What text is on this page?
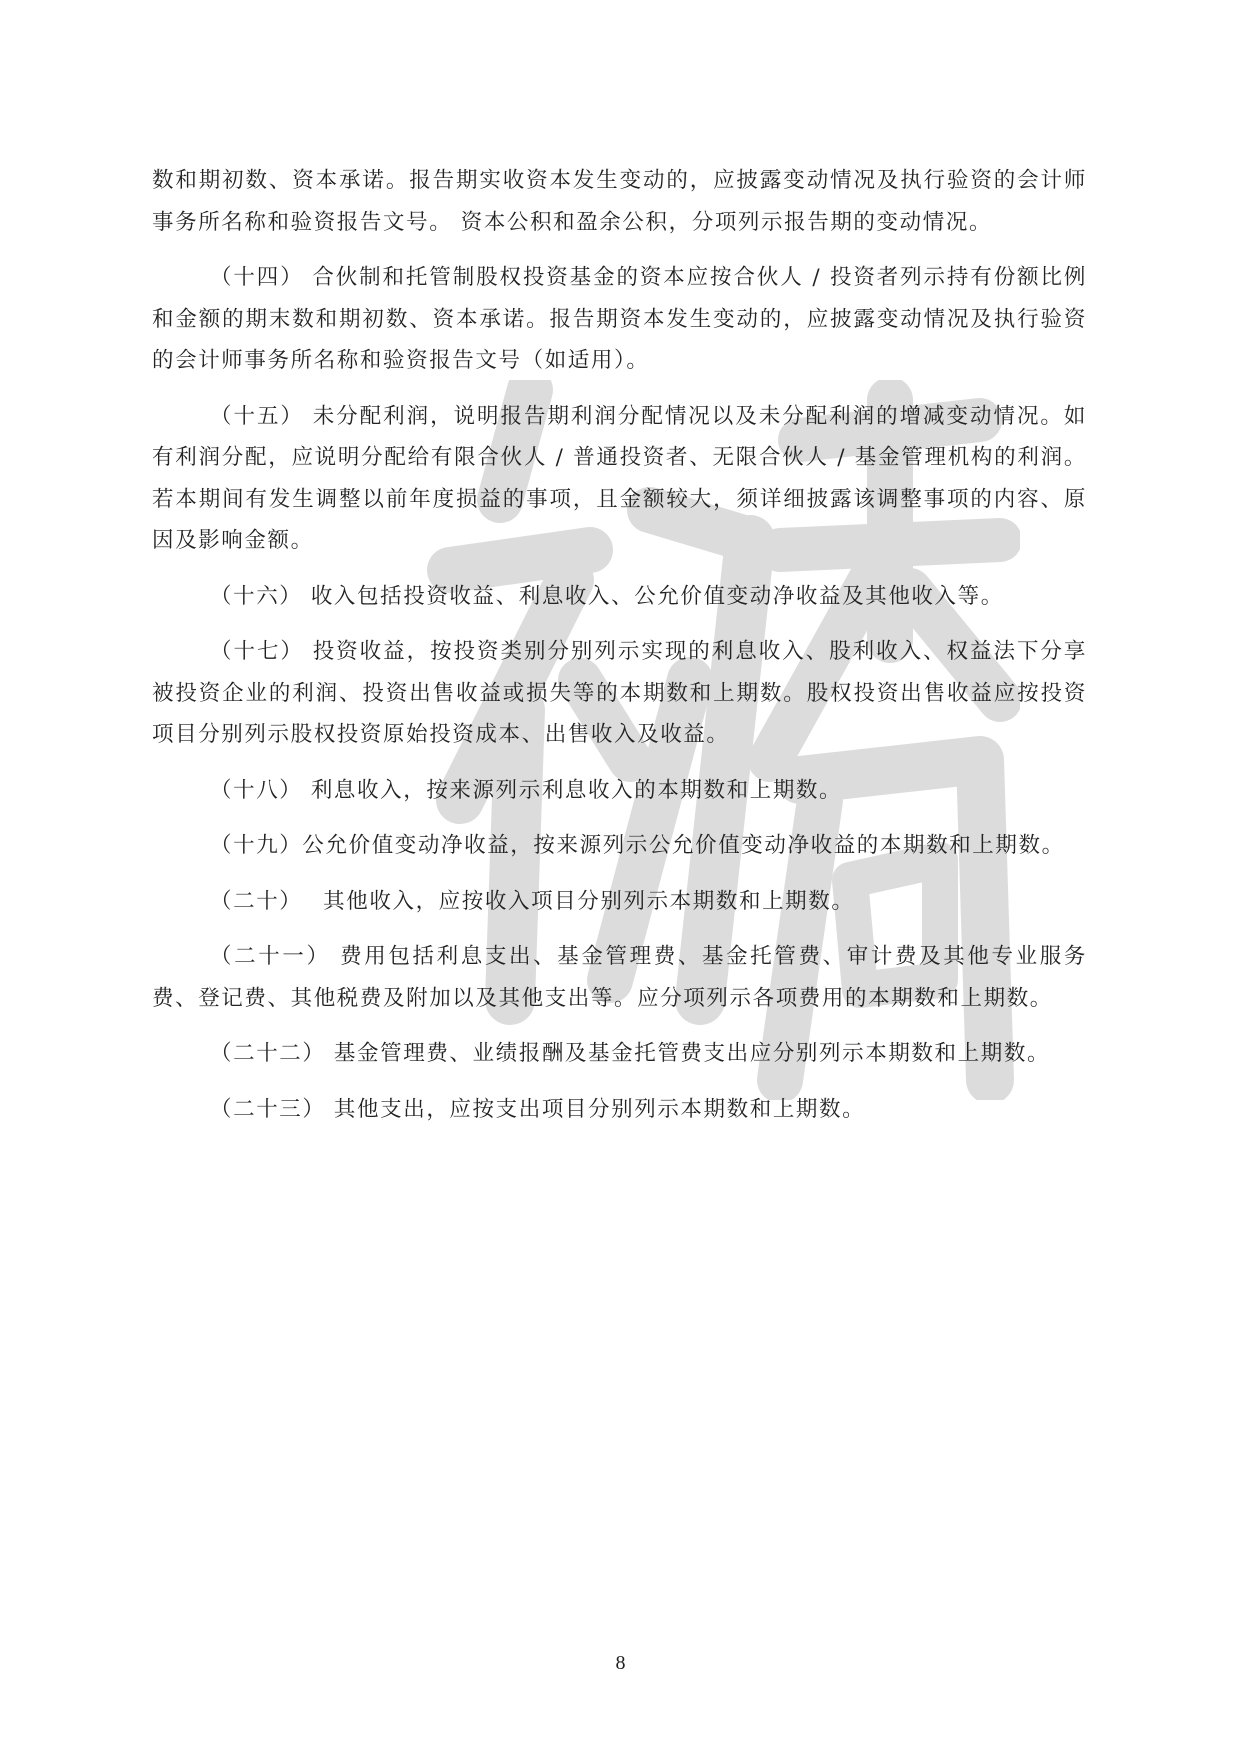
数和期初数、资本承诺。报告期实收资本发生变动的，应披露变动情况及执行验资的会计师事务所名称和验资报告文号。 资本公积和盈余公积，分项列示报告期的变动情况。

（十四） 合伙制和托管制股权投资基金的资本应按合伙人 / 投资者列示持有份额比例和金额的期末数和期初数、资本承诺。报告期资本发生变动的，应披露变动情况及执行验资的会计师事务所名称和验资报告文号（如适用）。

（十五） 未分配利润，说明报告期利润分配情况以及未分配利润的增减变动情况。如有利润分配，应说明分配给有限合伙人 / 普通投资者、无限合伙人 / 基金管理机构的利润。若本期间有发生调整以前年度损益的事项，且金额较大，须详细披露该调整事项的内容、原因及影响金额。

（十六） 收入包括投资收益、利息收入、公允价值变动净收益及其他收入等。

（十七） 投资收益，按投资类别分别列示实现的利息收入、股利收入、权益法下分享被投资企业的利润、投资出售收益或损失等的本期数和上期数。股权投资出售收益应按投资项目分别列示股权投资原始投资成本、出售收入及收益。

（十八） 利息收入，按来源列示利息收入的本期数和上期数。

（十九）公允价值变动净收益，按来源列示公允价值变动净收益的本期数和上期数。

（二十）　 其他收入，应按收入项目分别列示本期数和上期数。

（二十一） 费用包括利息支出、基金管理费、基金托管费、审计费及其他专业服务费、登记费、其他税费及附加以及其他支出等。应分项列示各项费用的本期数和上期数。

（二十二） 基金管理费、业绩报酬及基金托管费支出应分别列示本期数和上期数。

（二十三） 其他支出，应按支出项目分别列示本期数和上期数。

8
